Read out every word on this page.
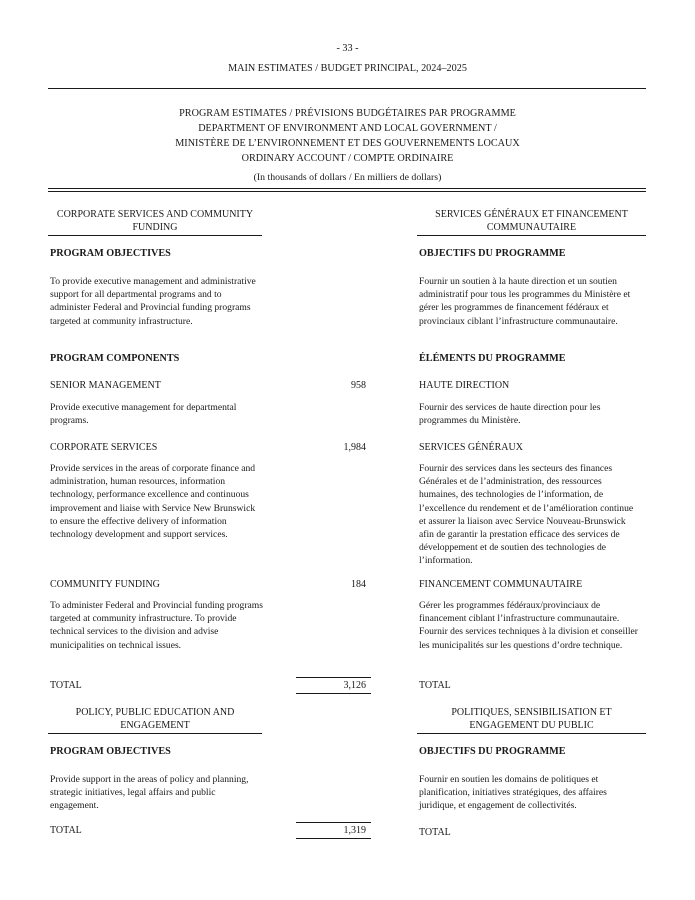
- 33 -
MAIN ESTIMATES / BUDGET PRINCIPAL, 2024–2025
PROGRAM ESTIMATES / PRÉVISIONS BUDGÉTAIRES PAR PROGRAMME
DEPARTMENT OF ENVIRONMENT AND LOCAL GOVERNMENT /
MINISTÈRE DE L’ENVIRONNEMENT ET DES GOUVERNEMENTS LOCAUX
ORDINARY ACCOUNT / COMPTE ORDINAIRE
(In thousands of dollars / En milliers de dollars)
CORPORATE SERVICES AND COMMUNITY FUNDING
SERVICES GÉNÉRAUX ET FINANCEMENT COMMUNAUTAIRE
PROGRAM OBJECTIVES	OBJECTIFS DU PROGRAMME
To provide executive management and administrative support for all departmental programs and to administer Federal and Provincial funding programs targeted at community infrastructure.
Fournir un soutien à la haute direction et un soutien administratif pour tous les programmes du Ministère et gérer les programmes de financement fédéraux et provinciaux ciblant l’infrastructure communautaire.
PROGRAM COMPONENTS	ÉLÉMENTS DU PROGRAMME
SENIOR MANAGEMENT	958	HAUTE DIRECTION
Provide executive management for departmental programs.
Fournir des services de haute direction pour les programmes du Ministère.
CORPORATE SERVICES	1,984	SERVICES GÉNÉRAUX
Provide services in the areas of corporate finance and administration, human resources, information technology, performance excellence and continuous improvement and liaise with Service New Brunswick to ensure the effective delivery of information technology development and support services.
Fournir des services dans les secteurs des finances Générales et de l’administration, des ressources humaines, des technologies de l’information, de l’excellence du rendement et de l’amélioration continue et assurer la liaison avec Service Nouveau-Brunswick afin de garantir la prestation efficace des services de développement et de soutien des technologies de l’information.
COMMUNITY FUNDING	184	FINANCEMENT COMMUNAUTAIRE
To administer Federal and Provincial funding programs targeted at community infrastructure. To provide technical services to the division and advise municipalities on technical issues.
Gérer les programmes fédéraux/provinciaux de financement ciblant l’infrastructure communautaire. Fournir des services techniques à la division et conseiller les municipalités sur les questions d’ordre technique.
TOTAL	3,126	TOTAL
POLICY, PUBLIC EDUCATION AND ENGAGEMENT
POLITIQUES, SENSIBILISATION ET ENGAGEMENT DU PUBLIC
PROGRAM OBJECTIVES	OBJECTIFS DU PROGRAMME
Provide support in the areas of policy and planning, strategic initiatives, legal affairs and public engagement.
Fournir en soutien les domains de politiques et planification, initiatives stratégiques, des affaires juridique, et engagement de collectivités.
TOTAL	1,319	TOTAL
